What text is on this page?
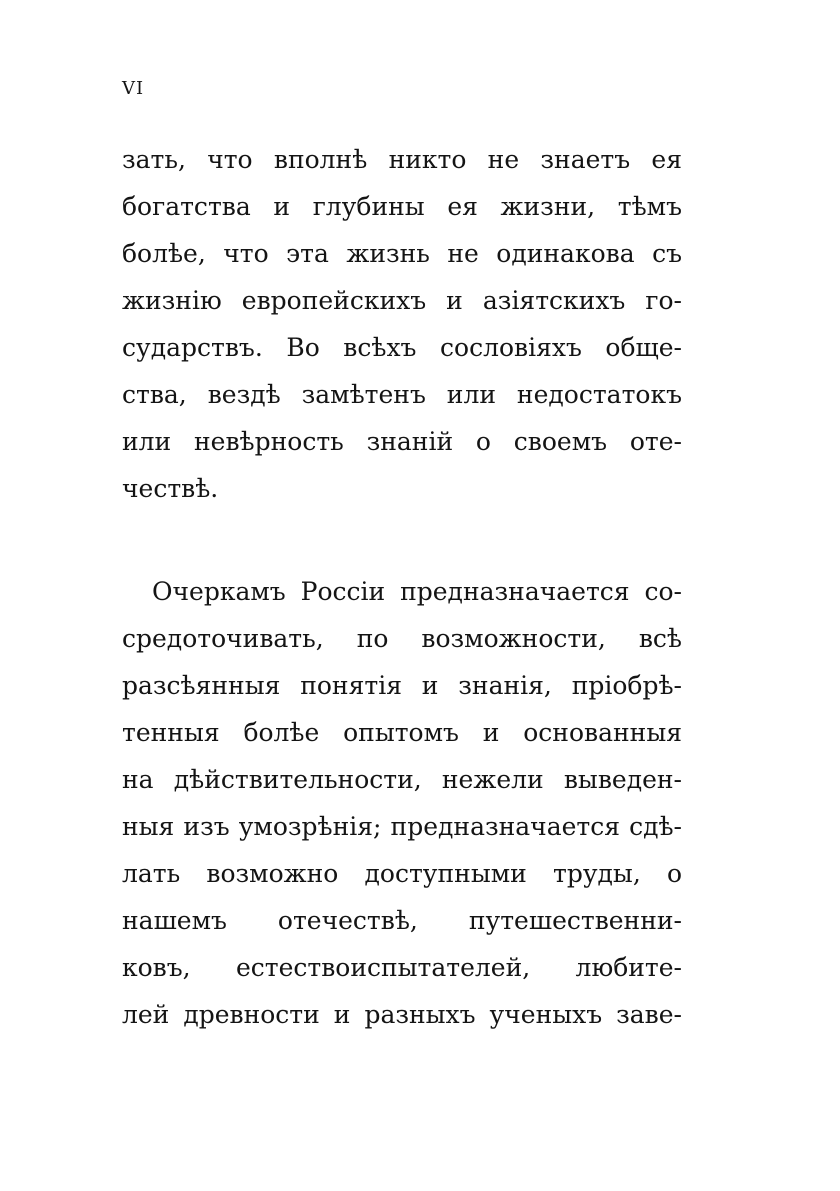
VI
зать, что вполнѣ никто не знаетъ ея
богатства и глубины ея жизни, тѣмъ
болѣе, что эта жизнь не одинакова съ
жизнію европейскихъ и азіятскихъ го-
сударствъ. Во всѣхъ сословіяхъ обще-
ства, вездѣ замѣтенъ или недостатокъ
или невѣрность знаній о своемъ оте-
чествѣ.
Очеркамъ Россіи предназначается со-
средоточивать, по возможности, всѣ
разсѣянныя понятія и знанія, пріобрѣ-
тенныя болѣе опытомъ и основанныя
на дѣйствительности, нежели выведен-
ныя изъ умозрѣнія; предназначается сдѣ-
лать возможно доступными труды, о
нашемъ отечествѣ, путешественни-
ковъ, естествоиспытателей, любите-
лей древности и разныхъ ученыхъ заве-
